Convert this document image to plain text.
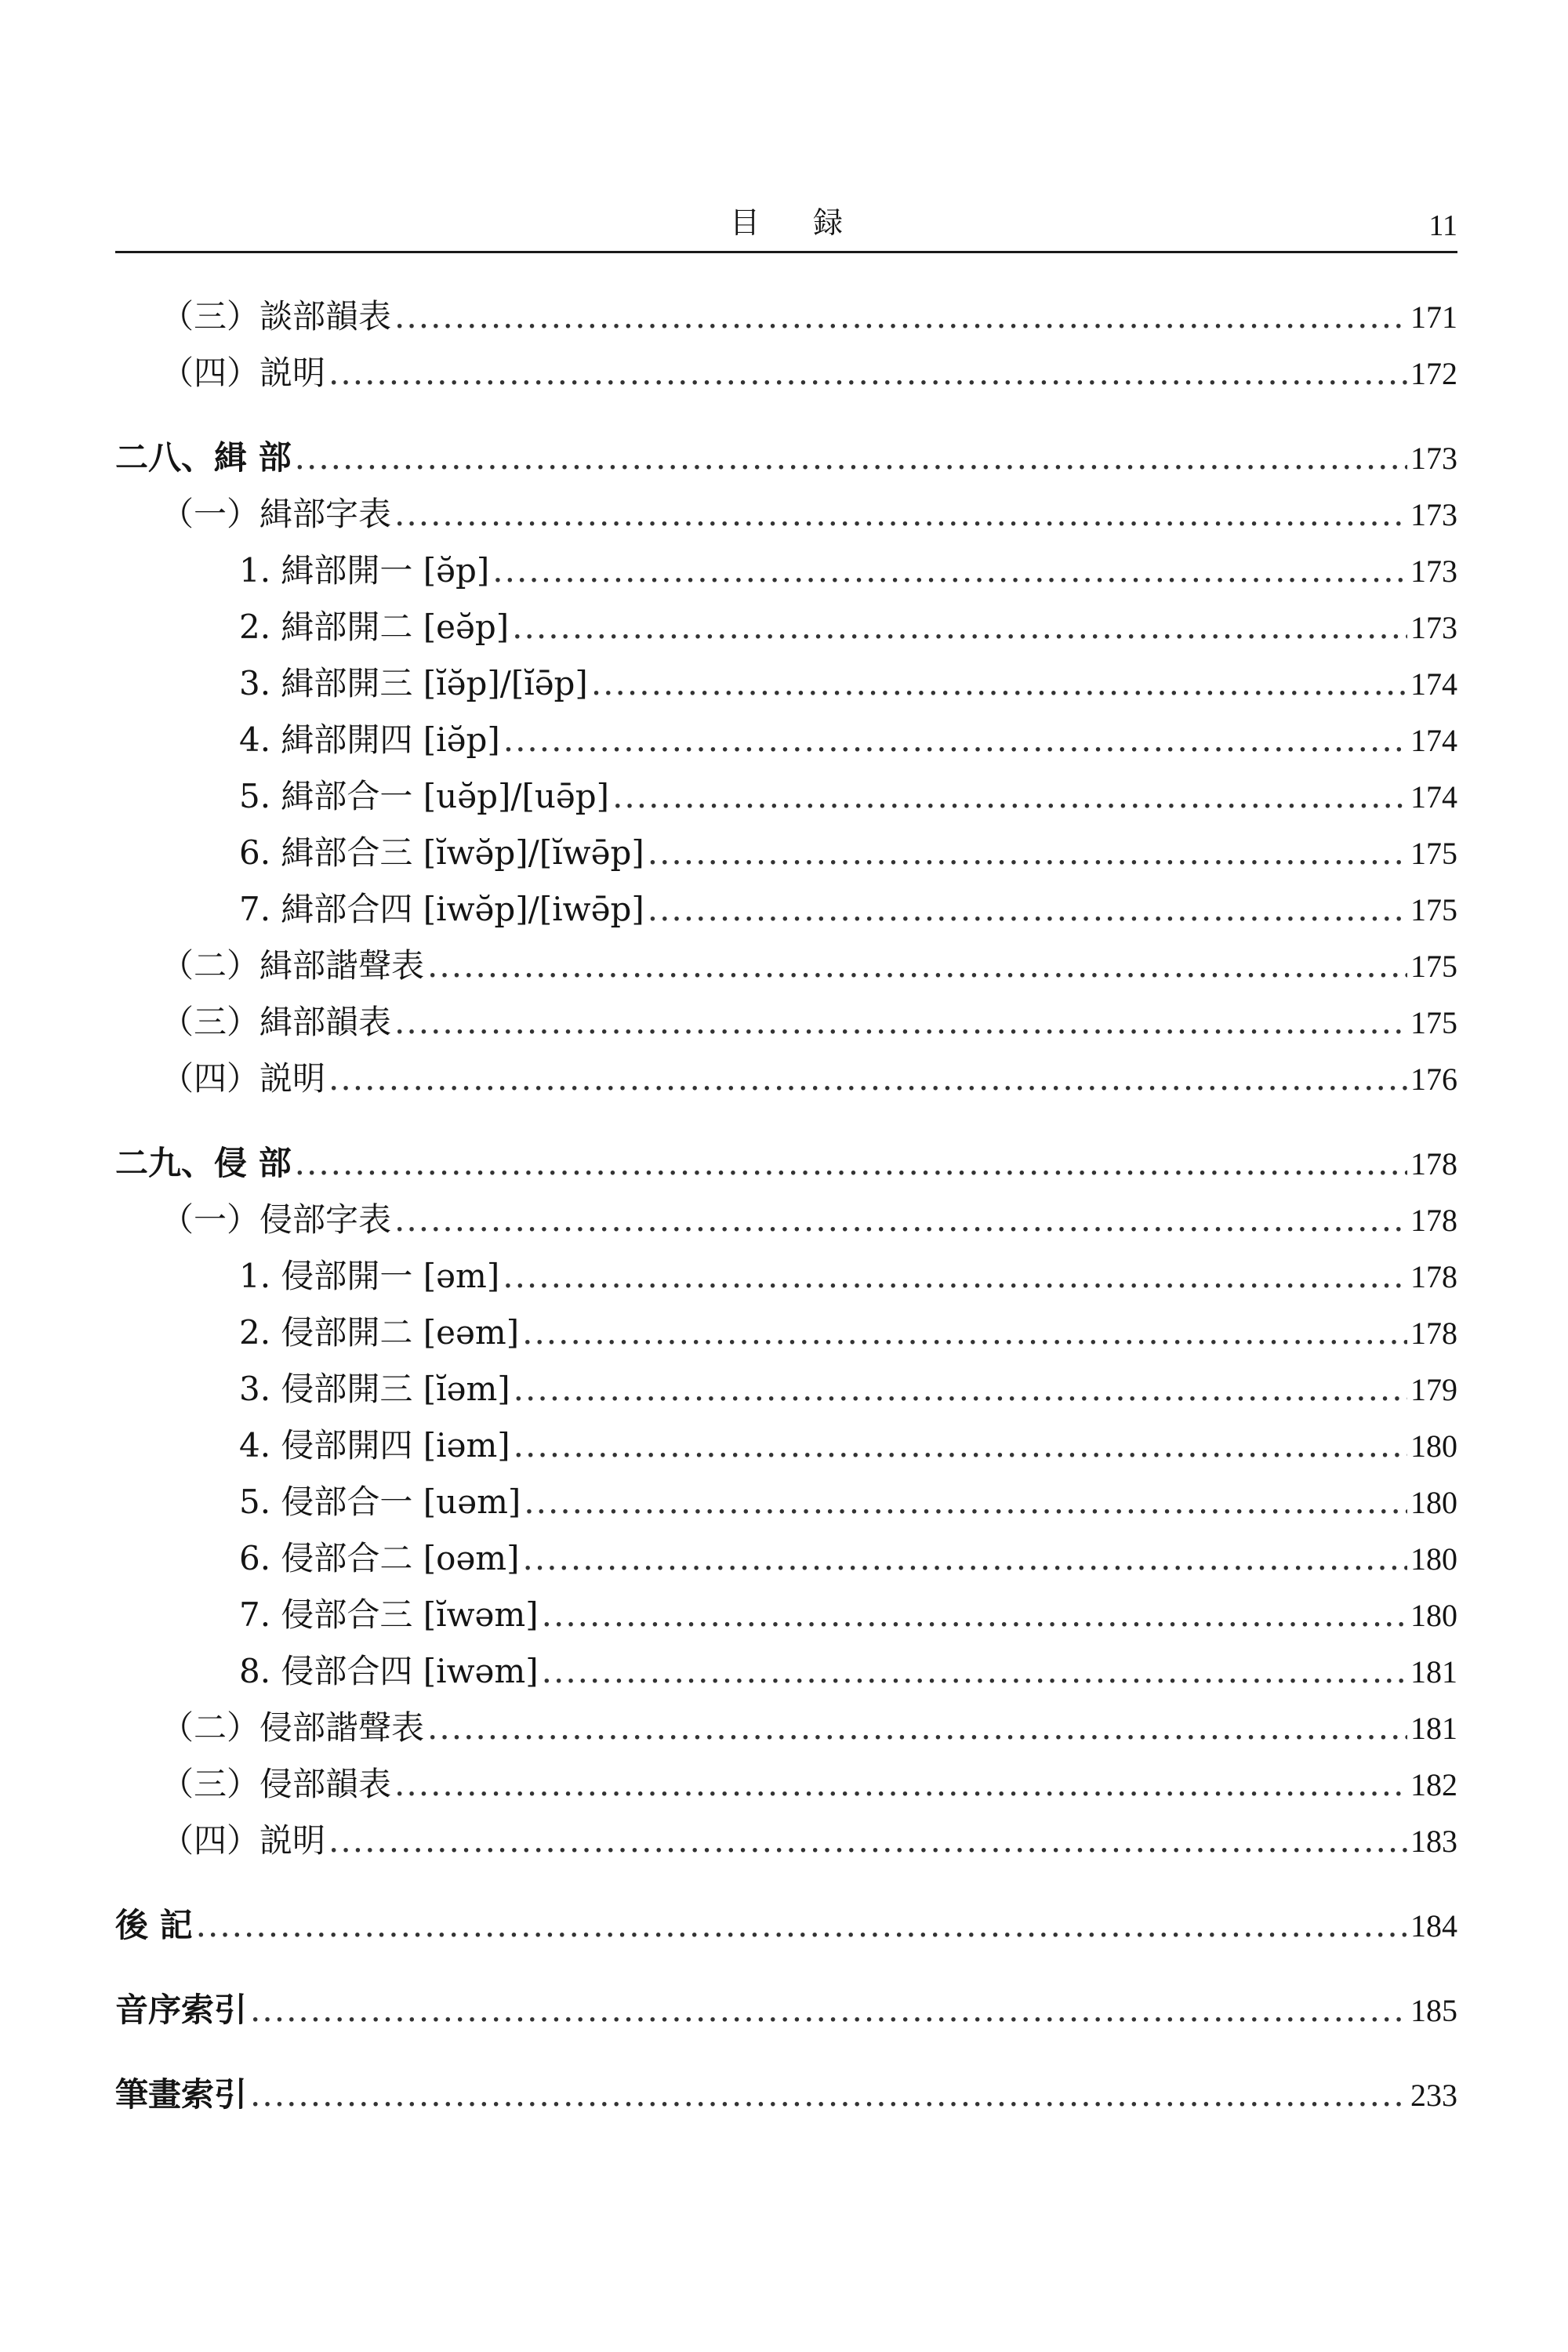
目 録	11
（三）談部韻表 .....	171
（四）説明 .....	172
二八、緝 部 .....	173
（一）緝部字表 .....	173
1. 緝部開一 [ə̆p] .....	173
2. 緝部開二 [eə̆p] .....	173
3. 緝部開三 [ĭə̆p]/[ĭə̄p] .....	174
4. 緝部開四 [iə̆p] .....	174
5. 緝部合一 [uə̆p]/[uə̄p] .....	174
6. 緝部合三 [ĭwə̆p]/[ĭwə̄p] .....	175
7. 緝部合四 [iwə̆p]/[iwə̄p] .....	175
（二）緝部諧聲表 .....	175
（三）緝部韻表 .....	175
（四）説明 .....	176
二九、侵 部 .....	178
（一）侵部字表 .....	178
1. 侵部開一 [əm] .....	178
2. 侵部開二 [eəm] .....	178
3. 侵部開三 [ĭəm] .....	179
4. 侵部開四 [iəm] .....	180
5. 侵部合一 [uəm] .....	180
6. 侵部合二 [oəm] .....	180
7. 侵部合三 [ĭwəm] .....	180
8. 侵部合四 [iwəm] .....	181
（二）侵部諧聲表 .....	181
（三）侵部韻表 .....	182
（四）説明 .....	183
後 記 .....	184
音序索引 .....	185
筆畫索引 .....	233
